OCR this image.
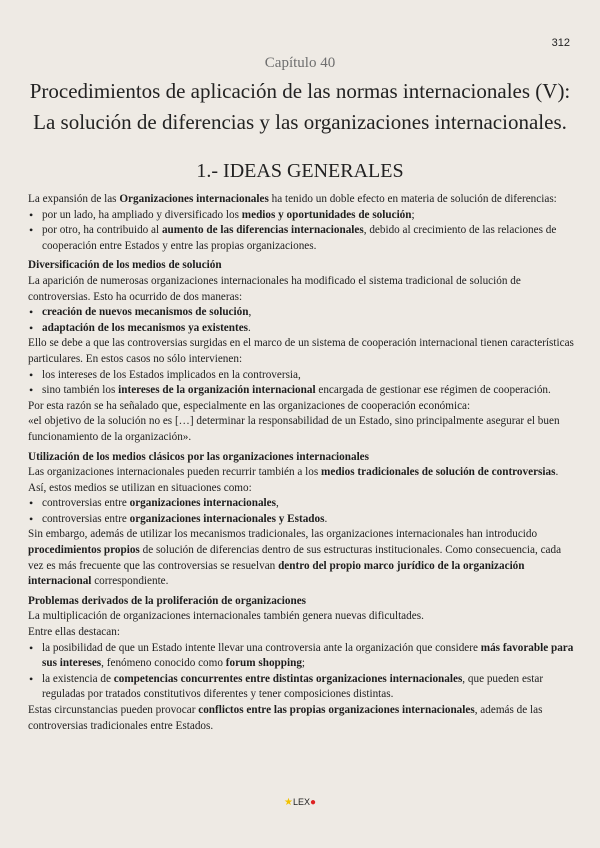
312
Capítulo 40
Procedimientos de aplicación de las normas internacionales (V):
La solución de diferencias y las organizaciones internacionales.
1.- IDEAS GENERALES

La expansión de las Organizaciones internacionales ha tenido un doble efecto en materia de solución de diferencias:

• por un lado, ha ampliado y diversificado los medios y oportunidades de solución;
• por otro, ha contribuido al aumento de las diferencias internacionales, debido al crecimiento de las relaciones de cooperación entre Estados y entre las propias organizaciones.
Diversificación de los medios de solución

La aparición de numerosas organizaciones internacionales ha modificado el sistema tradicional de solución de controversias. Esto ha ocurrido de dos maneras:

• creación de nuevos mecanismos de solución,
• adaptación de los mecanismos ya existentes.

Ello se debe a que las controversias surgidas en el marco de un sistema de cooperación internacional tienen características particulares. En estos casos no sólo intervienen:

• los intereses de los Estados implicados en la controversia,
• sino también los intereses de la organización internacional encargada de gestionar ese régimen de cooperación.

Por esta razón se ha señalado que, especialmente en las organizaciones de cooperación económica:

«el objetivo de la solución no es […] determinar la responsabilidad de un Estado, sino principalmente asegurar el buen funcionamiento de la organización».

Utilización de los medios clásicos por las organizaciones internacionales

Las organizaciones internacionales pueden recurrir también a los medios tradicionales de solución de controversias.

Así, estos medios se utilizan en situaciones como:

• controversias entre organizaciones internacionales,
• controversias entre organizaciones internacionales y Estados.

Sin embargo, además de utilizar los mecanismos tradicionales, las organizaciones internacionales han introducido procedimientos propios de solución de diferencias dentro de sus estructuras institucionales. Como consecuencia, cada vez es más frecuente que las controversias se resuelvan dentro del propio marco jurídico de la organización internacional correspondiente.

Problemas derivados de la proliferación de organizaciones

La multiplicación de organizaciones internacionales también genera nuevas dificultades.

Entre ellas destacan:

• la posibilidad de que un Estado intente llevar una controversia ante la organización que considere más favorable para sus intereses, fenómeno conocido como forum shopping;
• la existencia de competencias concurrentes entre distintas organizaciones internacionales, que pueden estar reguladas por tratados constitutivos diferentes y tener composiciones distintas.

Estas circunstancias pueden provocar conflictos entre las propias organizaciones internacionales, además de las controversias tradicionales entre Estados.

★LEX●
